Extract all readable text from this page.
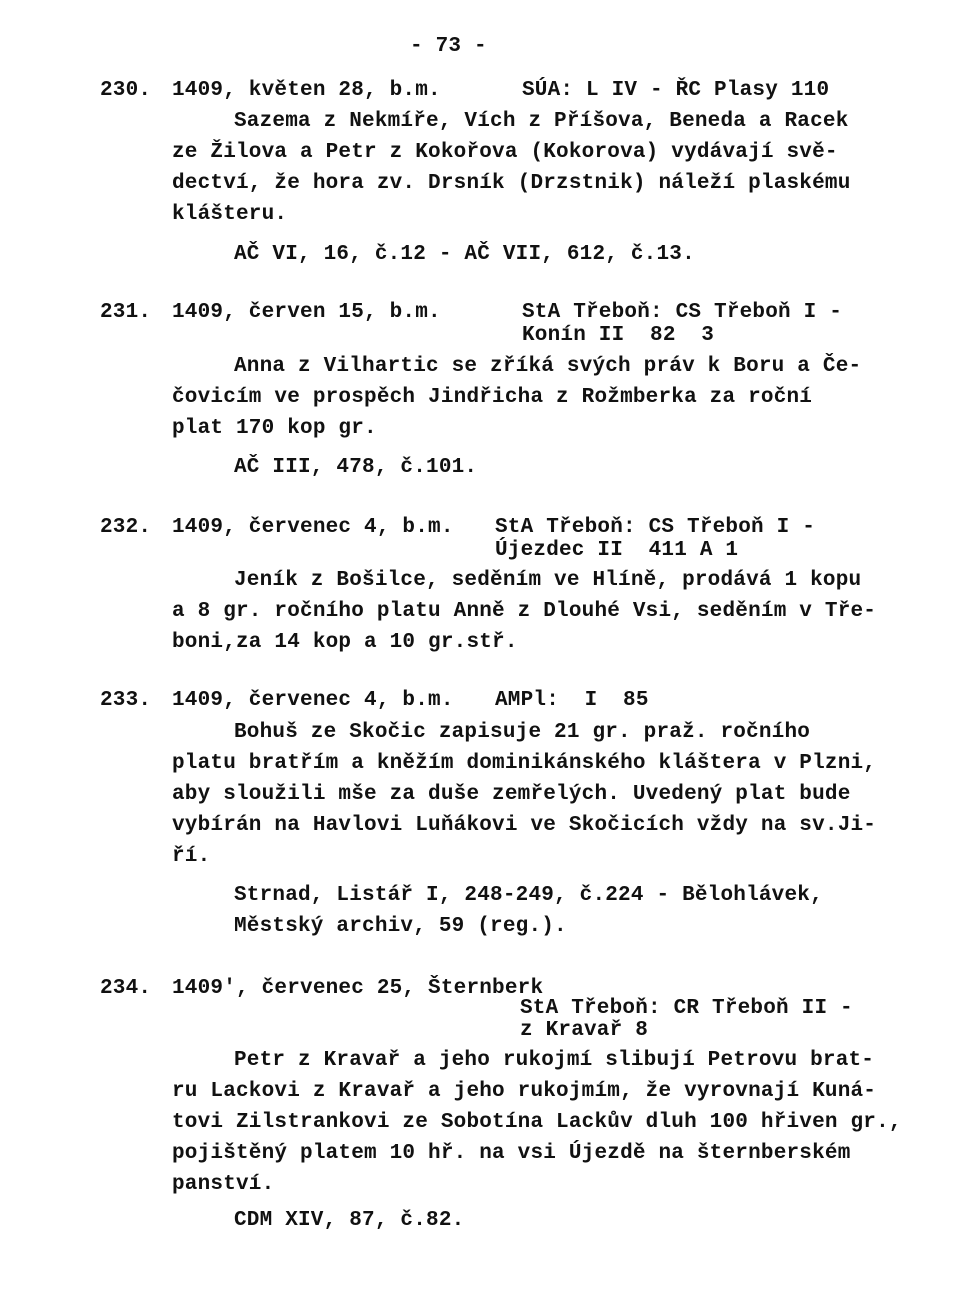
- 73 -
230. 1409, květen 28, b.m.	SÚA: L IV - ŘC Plasy 110
Sazema z Nekmíře, Vích z Příšova, Beneda a Racek
ze Žilova a Petr z Kokořova (Kokorova) vydávají svě-
dectví, že hora zv. Drsník (Drzstnik) náleží plaskému
klášteru.
AČ VI, 16, č.12 - AČ VII, 612, č.13.
231. 1409, červen 15, b.m.	StA Třeboň: CS Třeboň I -
Konín II  82  3
Anna z Vilhartic se zříká svých práv k Boru a Če-
čovicím ve prospěch Jindřicha z Rožmberka za roční
plat 170 kop gr.
AČ III, 478, č.101.
232. 1409, červenec 4, b.m. StA Třeboň: CS Třeboň I -
Újezdec II  411 A 1
Jeník z Bošilce, seděním ve Hlíně, prodává 1 kopu
a 8 gr. ročního platu Anně z Dlouhé Vsi, seděním v Tře-
boni,za 14 kop a 10 gr.stř.
233. 1409, červenec 4, b.m. AMPl:  I  85
Bohuš ze Skočic zapisuje 21 gr. praž. ročního
platu bratřím a kněžím dominikánského kláštera v Plzni,
aby sloužili mše za duše zemřelých. Uvedený plat bude
vybírán na Havlovi Luňákovi ve Skočicích vždy na sv.Ji-
ří.
Strnad, Listář I, 248-249, č.224 - Bělohlávek,
Městský archiv, 59 (reg.).
234. 1409', červenec 25, Šternberk
StA Třeboň: CR Třeboň II -
z Kravař 8
Petr z Kravař a jeho rukojmí slibují Petrovu brat-
ru Lackovi z Kravař a jeho rukojmím, že vyrovnají Kuná-
tovi Zilstrankovi ze Sobotína Lackův dluh 100 hřiven gr.,
pojištěný platem 10 hř. na vsi Újezdě na šternberském
panství.
CDM XIV, 87, č.82.
